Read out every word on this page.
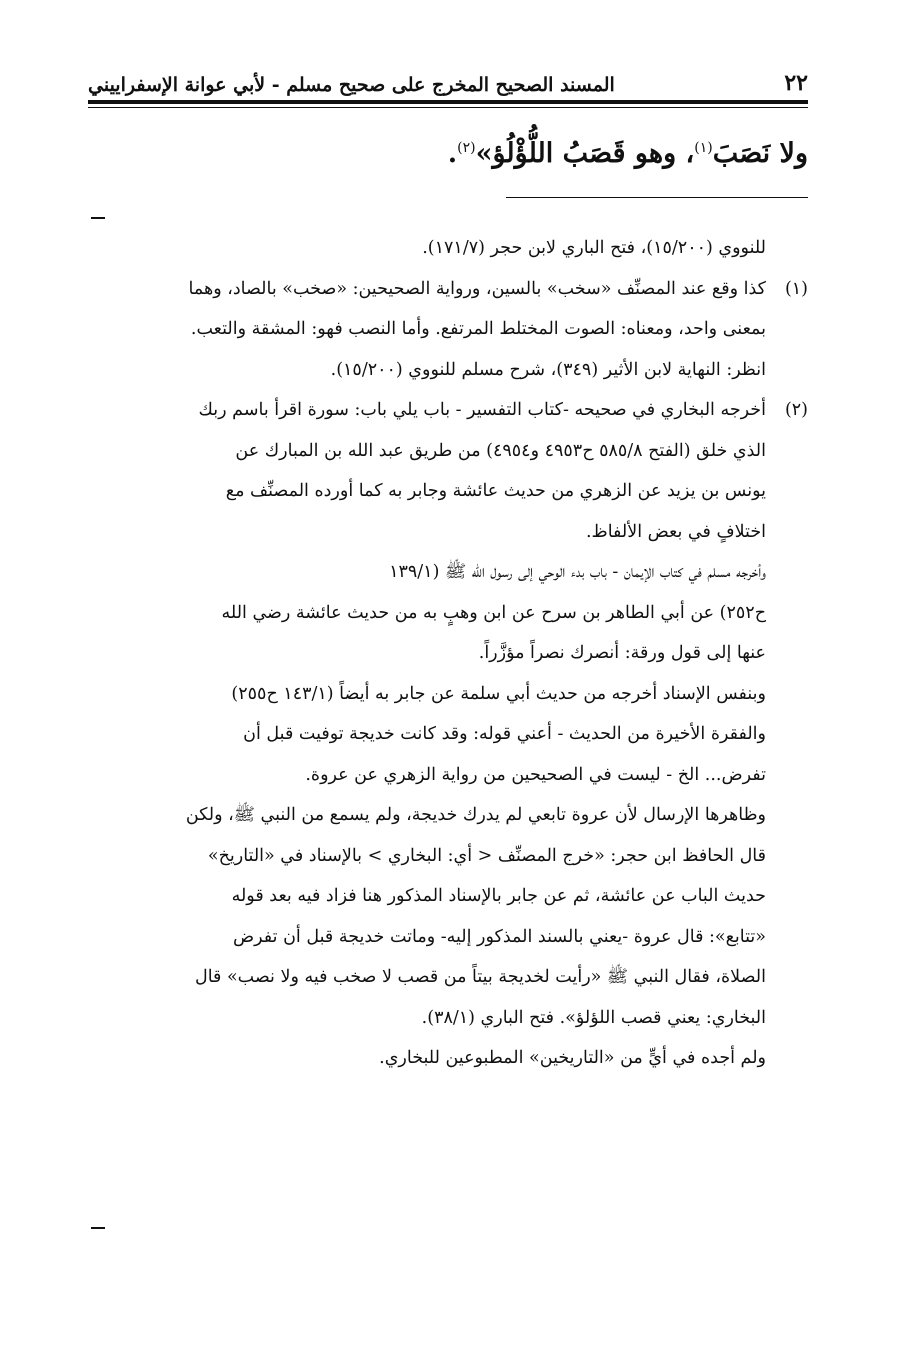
٢٢
المسند الصحيح المخرج على صحيح مسلم - لأبي عوانة الإسفراييني
ولا نَصَبَ$^{(١)}$، وهو قَصَبُ اللُّؤْلُؤ»$^{(٢)}$.
للنووي (١٥/٢٠٠)، فتح الباري لابن حجر (١٧١/٧).
(١)كذا وقع عند المصنِّف «سخب» بالسين، ورواية الصحيحين: «صخب» بالصاد، وهما
بمعنى واحد، ومعناه: الصوت المختلط المرتفع. وأما النصب فهو: المشقة والتعب.
انظر: النهاية لابن الأثير (٣٤٩)، شرح مسلم للنووي (١٥/٢٠٠).
(٢)أخرجه البخاري في صحيحه -كتاب التفسير - باب يلي باب: سورة اقرأ باسم ربك
الذي خلق (الفتح ٥٨٥/٨ ح٤٩٥٣ و٤٩٥٤) من طريق عبد الله بن المبارك عن
يونس بن يزيد عن الزهري من حديث عائشة وجابر به كما أورده المصنِّف مع
اختلافٍ في بعض الألفاظ.
وأخرجه مسلم في كتاب الإيمان - باب بدء الوحي إلى رسول الله ﷺ (١٣٩/١
ح٢٥٢) عن أبي الطاهر بن سرح عن ابن وهبٍ به من حديث عائشة رضي الله
عنها إلى قول ورقة: أنصرك نصراً مؤزَّراً.
وبنفس الإسناد أخرجه من حديث أبي سلمة عن جابر به أيضاً (١٤٣/١ ح٢٥٥)
والفقرة الأخيرة من الحديث - أعني قوله: وقد كانت خديجة توفيت قبل أن
تفرض... الخ - ليست في الصحيحين من رواية الزهري عن عروة.
وظاهرها الإرسال لأن عروة تابعي لم يدرك خديجة، ولم يسمع من النبي ﷺ، ولكن
قال الحافظ ابن حجر: «خرج المصنِّف < أي: البخاري > بالإسناد في «التاريخ»
حديث الباب عن عائشة، ثم عن جابر بالإسناد المذكور هنا فزاد فيه بعد قوله
«تتابع»: قال عروة -يعني بالسند المذكور إليه- وماتت خديجة قبل أن تفرض
الصلاة، فقال النبي ﷺ «رأيت لخديجة بيتاً من قصب لا صخب فيه ولا نصب» قال
البخاري: يعني قصب اللؤلؤ». فتح الباري (٣٨/١).
ولم أجده في أيٍّ من «التاريخين» المطبوعين للبخاري.
